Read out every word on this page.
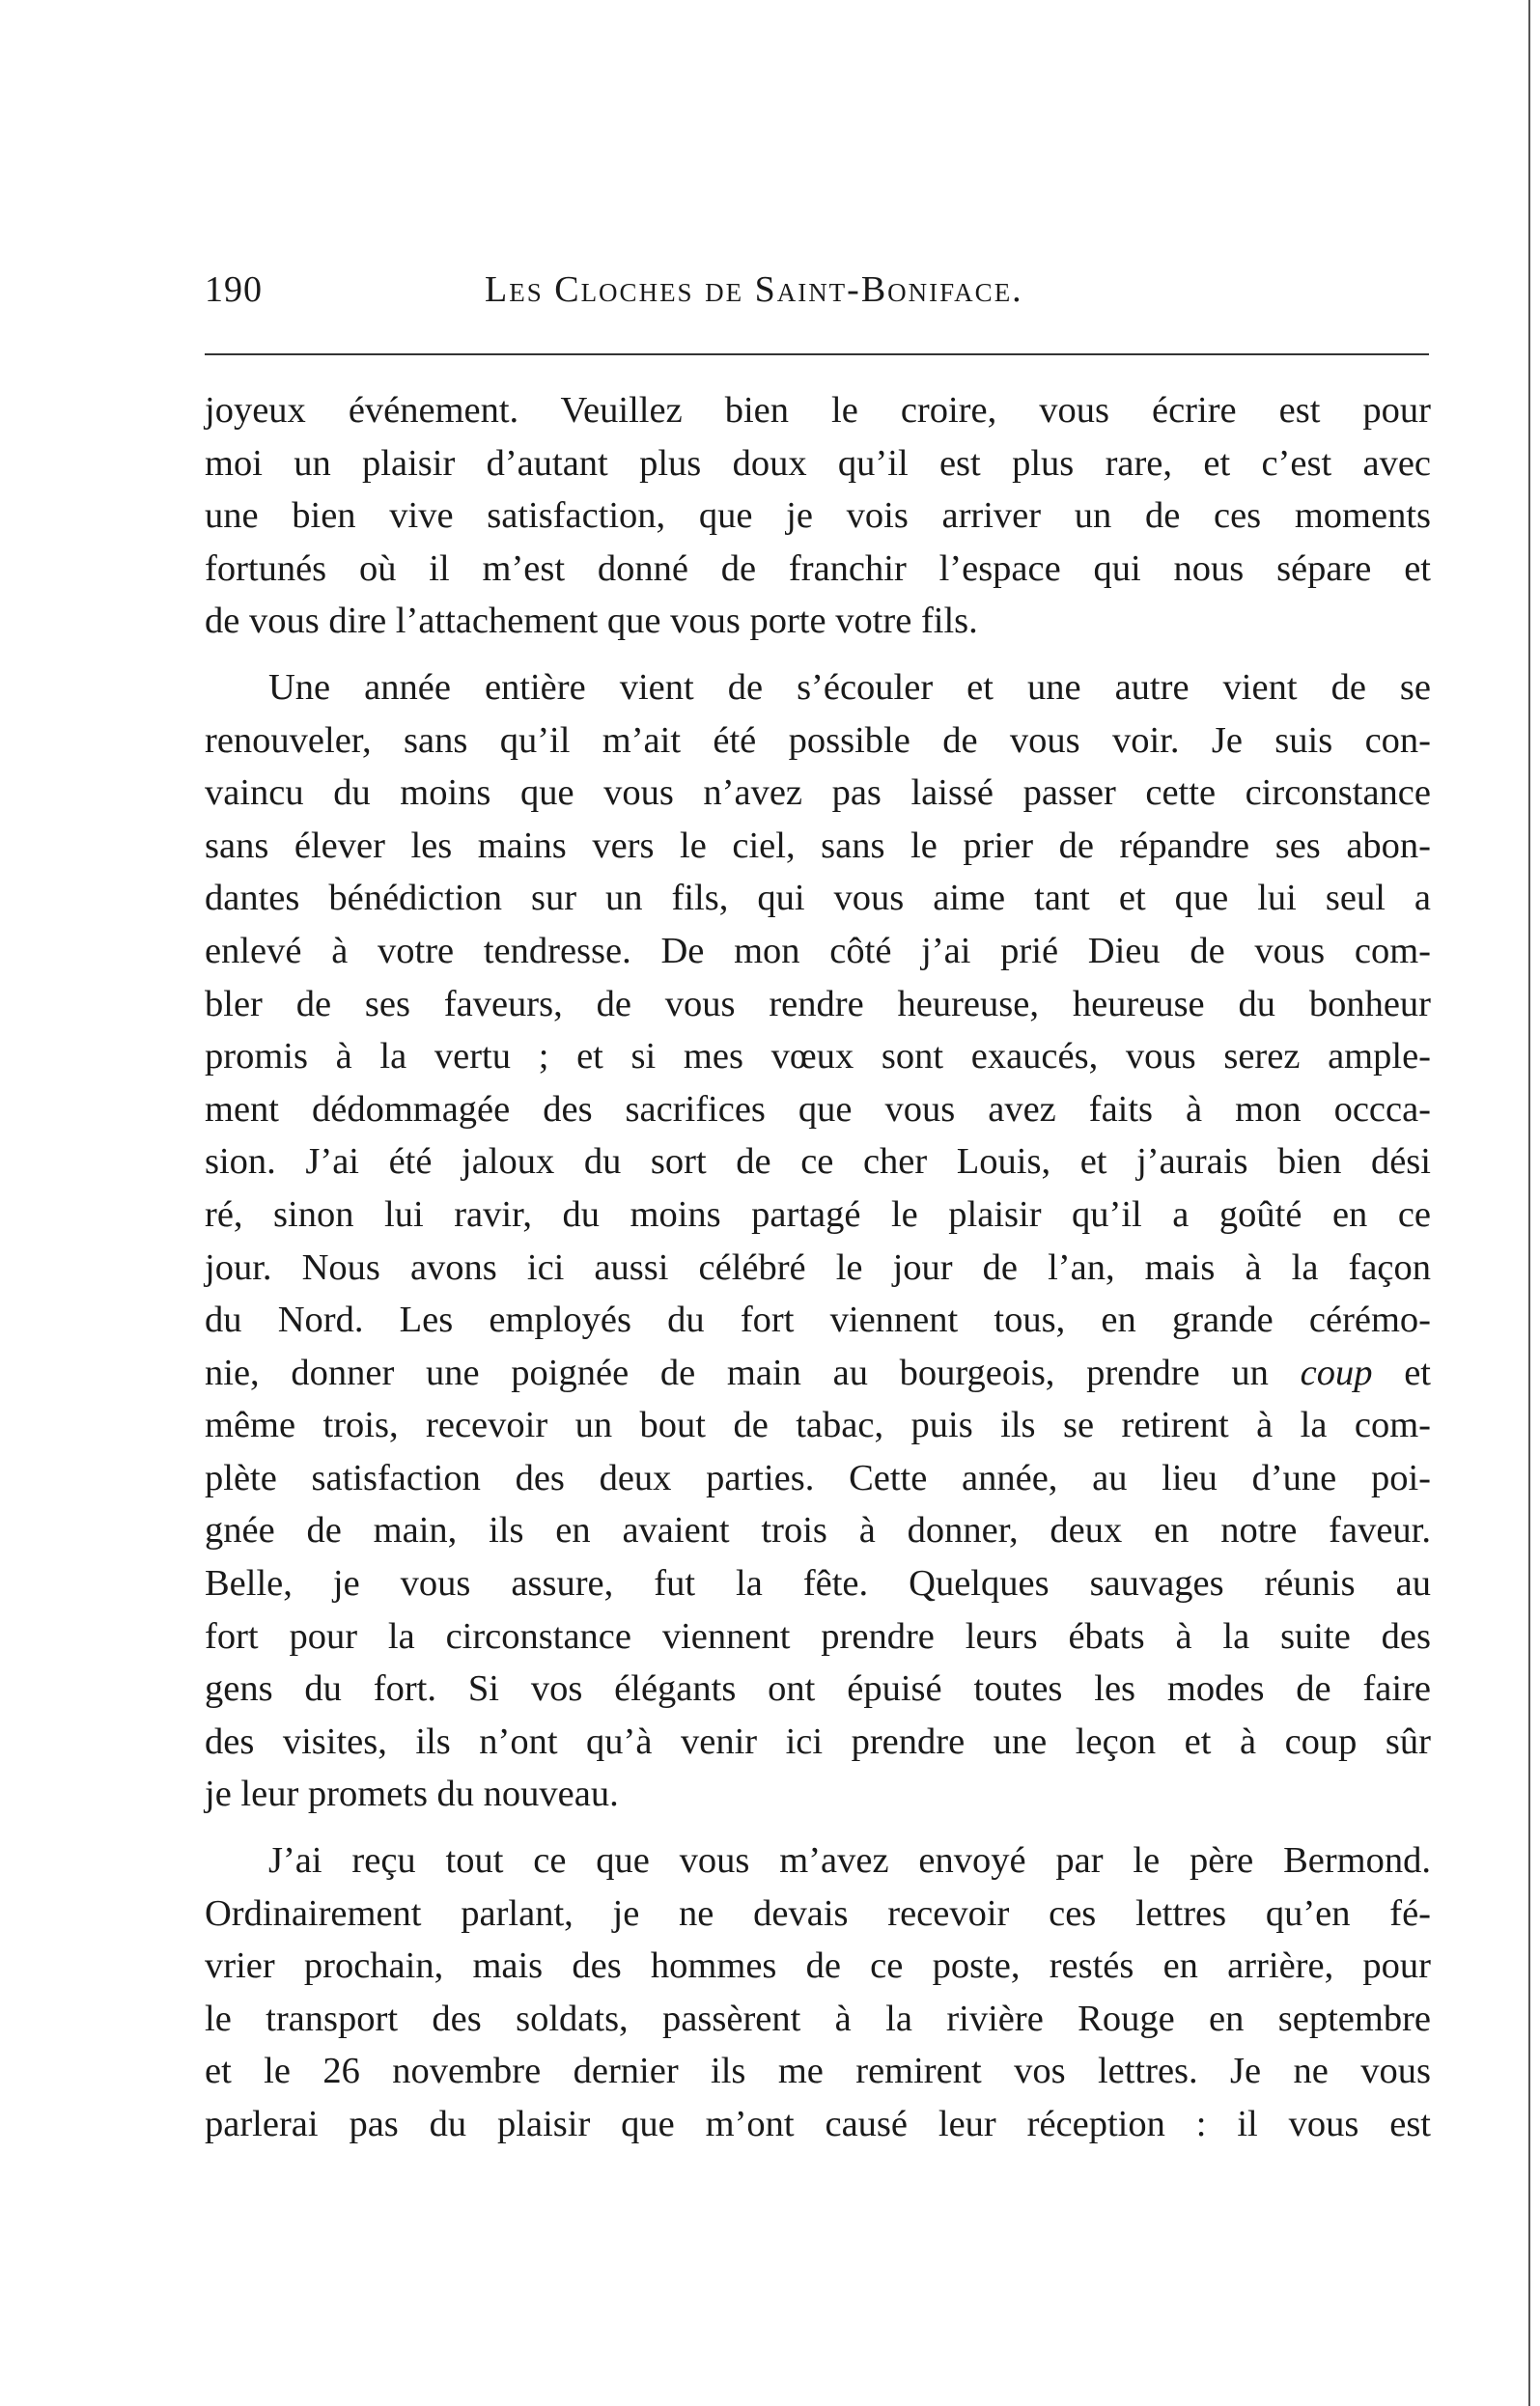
190	Les Cloches de Saint-Boniface.
joyeux événement. Veuillez bien le croire, vous écrire est pour
moi un plaisir d’autant plus doux qu’il est plus rare, et c’est avec
une bien vive satisfaction, que je vois arriver un de ces moments
fortunés où il m’est donné de franchir l’espace qui nous sépare et
de vous dire l’attachement que vous porte votre fils.
Une année entière vient de s’écouler et une autre vient de se
renouveler, sans qu’il m’ait été possible de vous voir. Je suis con-
vaincu du moins que vous n’avez pas laissé passer cette circonstance
sans élever les mains vers le ciel, sans le prier de répandre ses abon-
dantes bénédiction sur un fils, qui vous aime tant et que lui seul a
enlevé à votre tendresse. De mon côté j’ai prié Dieu de vous com-
bler de ses faveurs, de vous rendre heureuse, heureuse du bonheur
promis à la vertu ; et si mes vœux sont exaucés, vous serez ample-
ment dédommagée des sacrifices que vous avez faits à mon occca-
sion. J’ai été jaloux du sort de ce cher Louis, et j’aurais bien dési
ré, sinon lui ravir, du moins partagé le plaisir qu’il a goûté en ce
jour. Nous avons ici aussi célébré le jour de l’an, mais à la façon
du Nord. Les employés du fort viennent tous, en grande cérémo-
nie, donner une poignée de main au bourgeois, prendre un coup et
même trois, recevoir un bout de tabac, puis ils se retirent à la com-
plète satisfaction des deux parties. Cette année, au lieu d’une poi-
gnée de main, ils en avaient trois à donner, deux en notre faveur.
Belle, je vous assure, fut la fête. Quelques sauvages réunis au
fort pour la circonstance viennent prendre leurs ébats à la suite des
gens du fort. Si vos élégants ont épuisé toutes les modes de faire
des visites, ils n’ont qu’à venir ici prendre une leçon et à coup sûr
je leur promets du nouveau.
J’ai reçu tout ce que vous m’avez envoyé par le père Bermond.
Ordinairement parlant, je ne devais recevoir ces lettres qu’en fé-
vrier prochain, mais des hommes de ce poste, restés en arrière, pour
le transport des soldats, passèrent à la rivière Rouge en septembre
et le 26 novembre dernier ils me remirent vos lettres. Je ne vous
parlerai pas du plaisir que m’ont causé leur réception : il vous est
